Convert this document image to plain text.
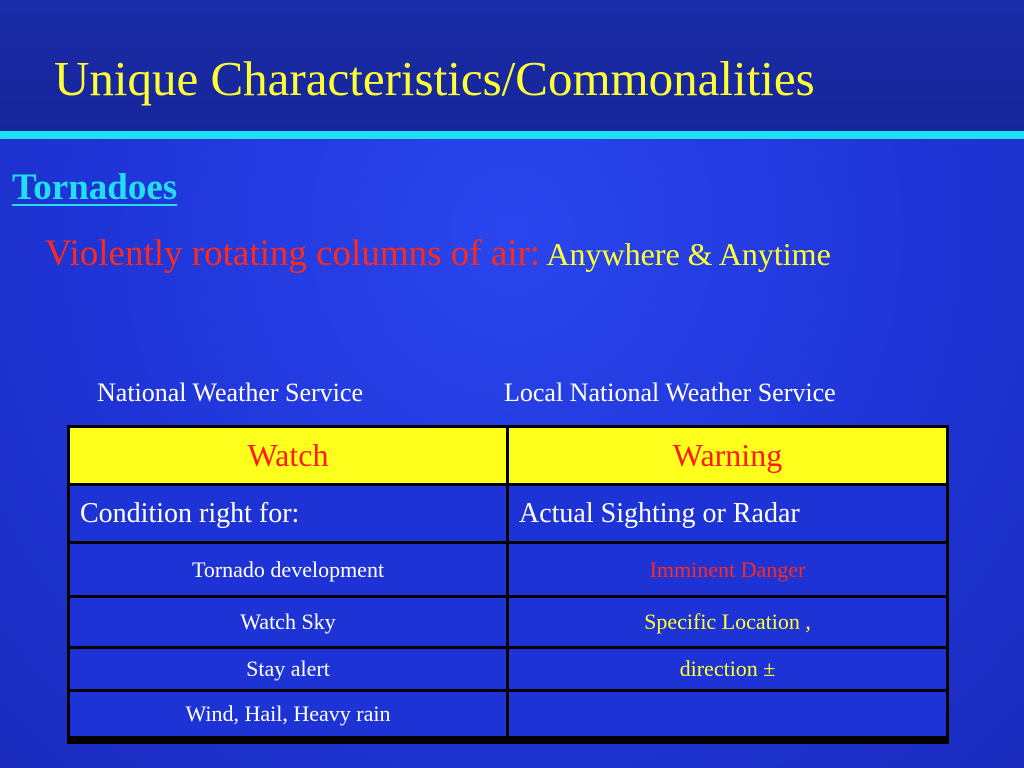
Unique Characteristics/Commonalities
Tornadoes
Violently rotating columns of air: Anywhere & Anytime
National Weather Service	Local National Weather Service
Watch	Warning
Condition right for:	Actual Sighting or Radar
Tornado development	Imminent Danger
Watch Sky	Specific Location ,
Stay alert	direction ±
Wind, Hail, Heavy rain
